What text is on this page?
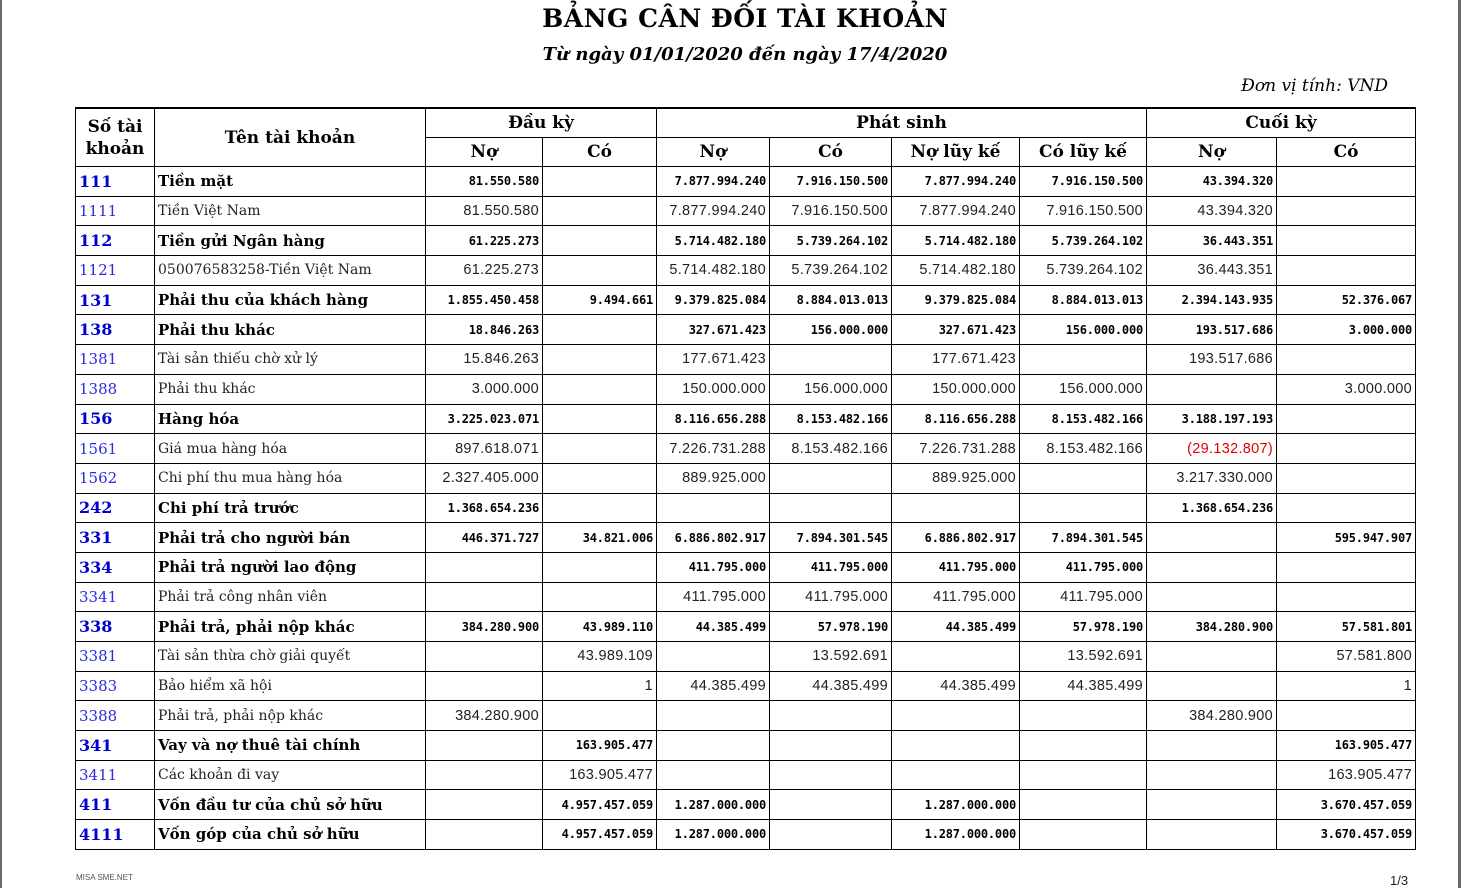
BẢNG CÂN ĐỐI TÀI KHOẢN
Từ ngày 01/01/2020 đến ngày 17/4/2020
Đơn vị tính: VND
Số tài khoản	Tên tài khoản	Đầu kỳ		Phát sinh				Cuối kỳ	
		Nợ	Có	Nợ	Có	Nợ lũy kế	Có lũy kế	Nợ	Có
111	Tiền mặt	81.550.580		7.877.994.240	7.916.150.500	7.877.994.240	7.916.150.500	43.394.320	
1111	Tiền Việt Nam	81.550.580		7.877.994.240	7.916.150.500	7.877.994.240	7.916.150.500	43.394.320	
112	Tiền gửi Ngân hàng	61.225.273		5.714.482.180	5.739.264.102	5.714.482.180	5.739.264.102	36.443.351	
1121	050076583258-Tiền Việt Nam	61.225.273		5.714.482.180	5.739.264.102	5.714.482.180	5.739.264.102	36.443.351	
131	Phải thu của khách hàng	1.855.450.458	9.494.661	9.379.825.084	8.884.013.013	9.379.825.084	8.884.013.013	2.394.143.935	52.376.067
138	Phải thu khác	18.846.263		327.671.423	156.000.000	327.671.423	156.000.000	193.517.686	3.000.000
1381	Tài sản thiếu chờ xử lý	15.846.263		177.671.423		177.671.423		193.517.686	
1388	Phải thu khác	3.000.000		150.000.000	156.000.000	150.000.000	156.000.000		3.000.000
156	Hàng hóa	3.225.023.071		8.116.656.288	8.153.482.166	8.116.656.288	8.153.482.166	3.188.197.193	
1561	Giá mua hàng hóa	897.618.071		7.226.731.288	8.153.482.166	7.226.731.288	8.153.482.166	(29.132.807)	
1562	Chi phí thu mua hàng hóa	2.327.405.000		889.925.000		889.925.000		3.217.330.000	
242	Chi phí trả trước	1.368.654.236						1.368.654.236	
331	Phải trả cho người bán	446.371.727	34.821.006	6.886.802.917	7.894.301.545	6.886.802.917	7.894.301.545		595.947.907
334	Phải trả người lao động			411.795.000	411.795.000	411.795.000	411.795.000		
3341	Phải trả công nhân viên			411.795.000	411.795.000	411.795.000	411.795.000		
338	Phải trả, phải nộp khác	384.280.900	43.989.110	44.385.499	57.978.190	44.385.499	57.978.190	384.280.900	57.581.801
3381	Tài sản thừa chờ giải quyết		43.989.109		13.592.691		13.592.691		57.581.800
3383	Bảo hiểm xã hội		1	44.385.499	44.385.499	44.385.499	44.385.499		1
3388	Phải trả, phải nộp khác	384.280.900						384.280.900	
341	Vay và nợ thuê tài chính		163.905.477						163.905.477
3411	Các khoản đi vay		163.905.477						163.905.477
411	Vốn đầu tư của chủ sở hữu		4.957.457.059	1.287.000.000		1.287.000.000			3.670.457.059
4111	Vốn góp của chủ sở hữu		4.957.457.059	1.287.000.000		1.287.000.000			3.670.457.059
MISA SME.NET	1/3
